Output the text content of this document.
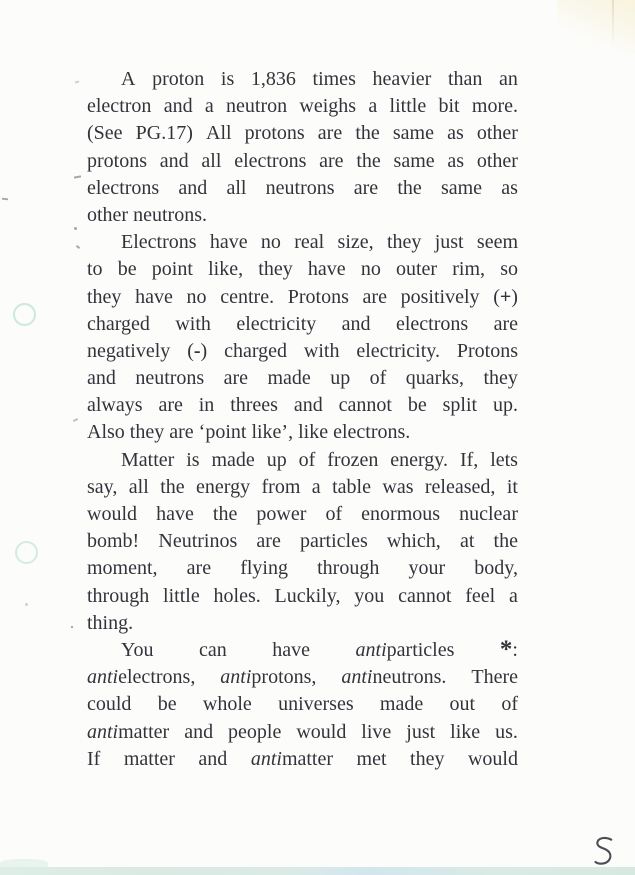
A proton is 1,836 times heavier than an
electron and a neutron weighs a little bit more.
(See PG.17) All protons are the same as other
protons and all electrons are the same as other
electrons and all neutrons are the same as
other neutrons.
Electrons have no real size, they just seem
to be point like, they have no outer rim, so
they have no centre. Protons are positively (+)
charged with electricity and electrons are
negatively (-) charged with electricity. Protons
and neutrons are made up of quarks, they
always are in threes and cannot be split up.
Also they are ‘point like’, like electrons.
Matter is made up of frozen energy. If, lets
say, all the energy from a table was released, it
would have the power of enormous nuclear
bomb! Neutrinos are particles which, at the
moment, are flying through your body,
through little holes. Luckily, you cannot feel a
thing.
You can have antiparticles *:
antielectrons, antiprotons, antineutrons. There
could be whole universes made out of
antimatter and people would live just like us.
If matter and antimatter met they would
